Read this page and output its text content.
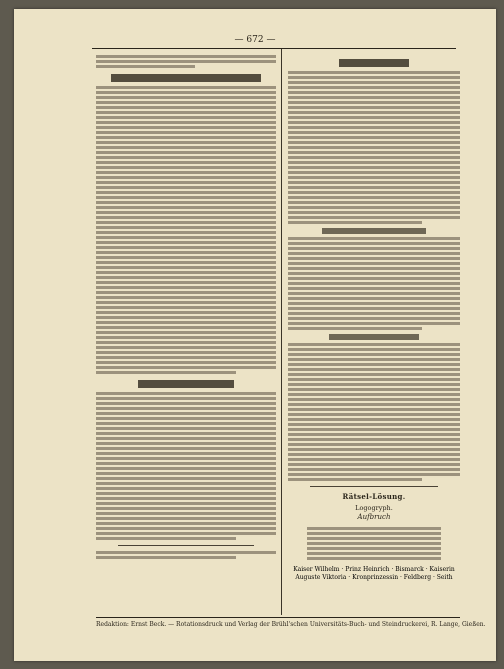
— 672 —
Rätsel-Lösung.
Logogryph.
Aufbruch
Kaiser Wilhelm · Prinz Heinrich · Bismarck · Kaiserin Auguste Viktoria · Kronprinzessin · Feldberg · Seith
Redaktion: Ernst Beck. — Rotationsdruck und Verlag der Brühl'schen Universitäts-Buch- und Steindruckerei, R. Lange, Gießen.
